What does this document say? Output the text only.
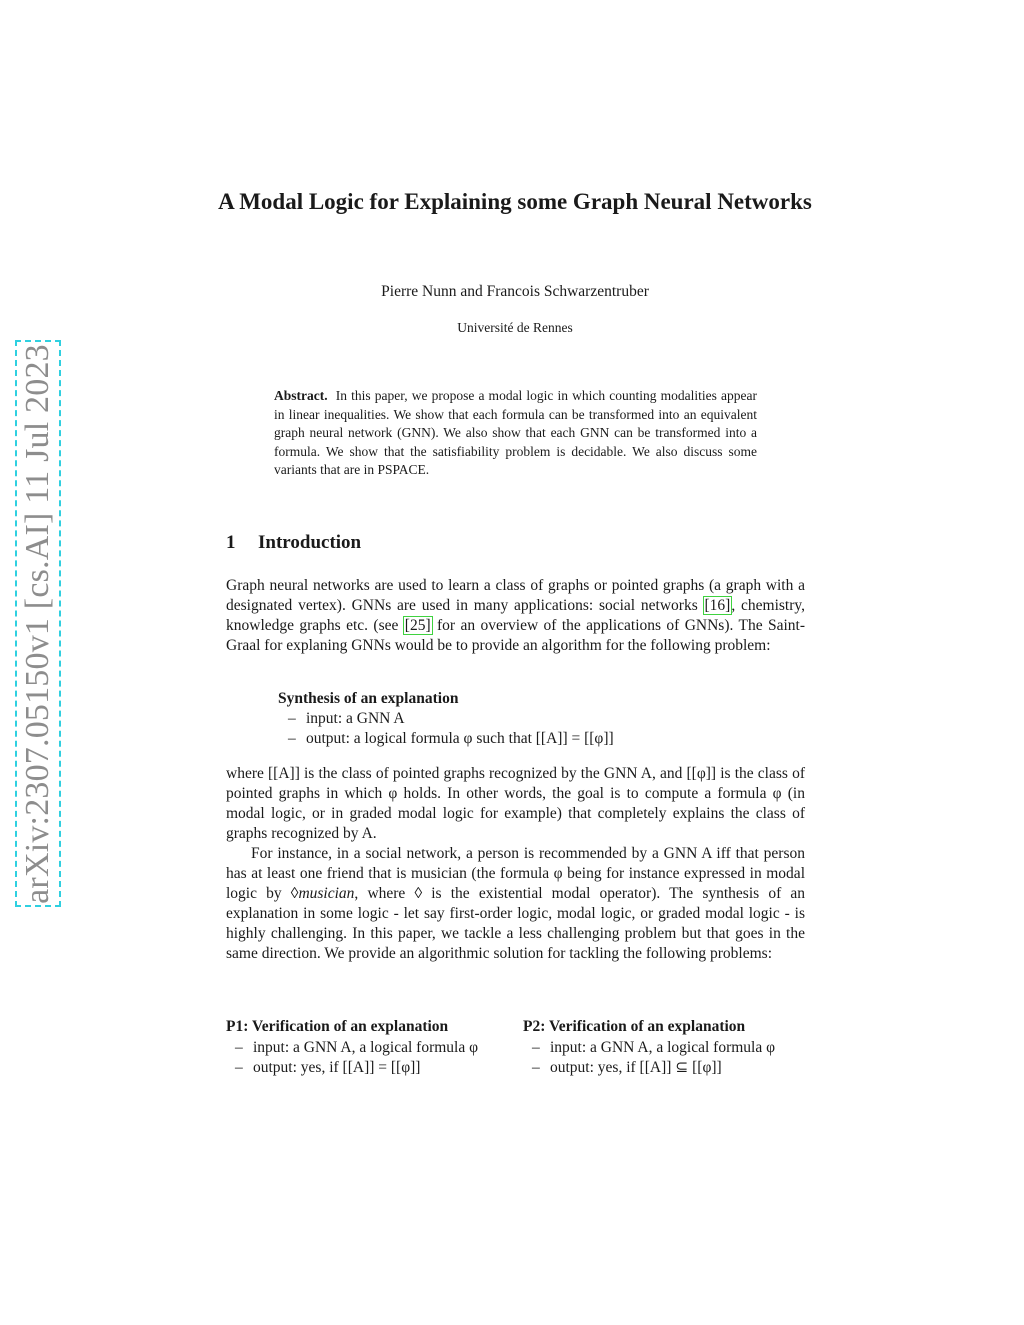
arXiv:2307.05150v1 [cs.AI] 11 Jul 2023
A Modal Logic for Explaining some Graph Neural Networks
Pierre Nunn and Francois Schwarzentruber
Université de Rennes
Abstract. In this paper, we propose a modal logic in which counting modalities appear in linear inequalities. We show that each formula can be transformed into an equivalent graph neural network (GNN). We also show that each GNN can be transformed into a formula. We show that the satisfiability problem is decidable. We also discuss some variants that are in PSPACE.
1 Introduction
Graph neural networks are used to learn a class of graphs or pointed graphs (a graph with a designated vertex). GNNs are used in many applications: social networks [16], chemistry, knowledge graphs etc. (see [25] for an overview of the applications of GNNs). The Saint-Graal for explaning GNNs would be to provide an algorithm for the following problem:
Synthesis of an explanation
– input: a GNN A
– output: a logical formula φ such that [[A]] = [[φ]]
where [[A]] is the class of pointed graphs recognized by the GNN A, and [[φ]] is the class of pointed graphs in which φ holds. In other words, the goal is to compute a formula φ (in modal logic, or in graded modal logic for example) that completely explains the class of graphs recognized by A.
For instance, in a social network, a person is recommended by a GNN A iff that person has at least one friend that is musician (the formula φ being for instance expressed in modal logic by ◊musician, where ◊ is the existential modal operator). The synthesis of an explanation in some logic - let say first-order logic, modal logic, or graded modal logic - is highly challenging. In this paper, we tackle a less challenging problem but that goes in the same direction. We provide an algorithmic solution for tackling the following problems:
P1: Verification of an explanation
– input: a GNN A, a logical formula φ
– output: yes, if [[A]] = [[φ]]
P2: Verification of an explanation
– input: a GNN A, a logical formula φ
– output: yes, if [[A]] ⊆ [[φ]]
